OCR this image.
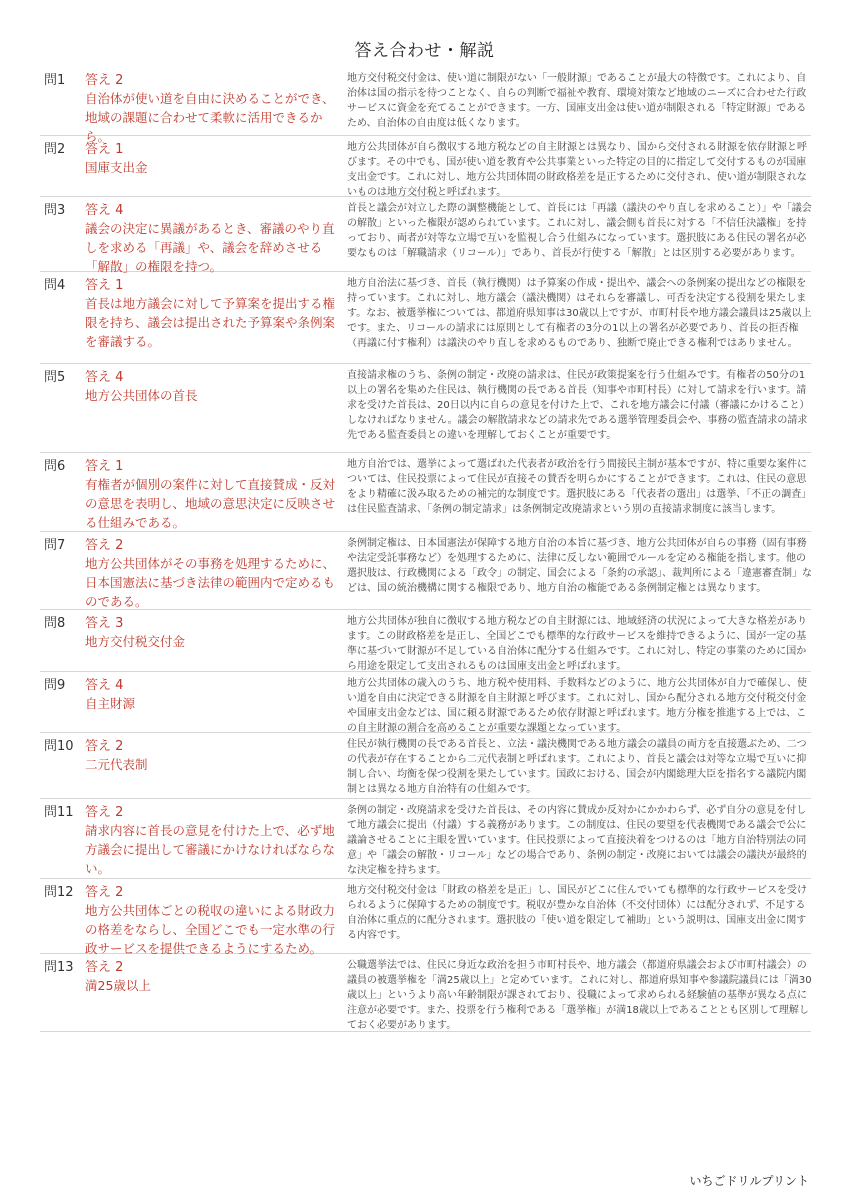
答え合わせ・解説
問1	答え 2
自治体が使い道を自由に決めることができ、地域の課題に合わせて柔軟に活用できるから。
地方交付税交付金は、使い道に制限がない「一般財源」であることが最大の特徴です。これにより、自治体は国の指示を待つことなく、自らの判断で福祉や教育、環境対策など地域のニーズに合わせた行政サービスに資金を充てることができます。一方、国庫支出金は使い道が制限される「特定財源」であるため、自治体の自由度は低くなります。
問2	答え 1
国庫支出金
地方公共団体が自ら徴収する地方税などの自主財源とは異なり、国から交付される財源を依存財源と呼びます。その中でも、国が使い道を教育や公共事業といった特定の目的に指定して交付するものが国庫支出金です。これに対し、地方公共団体間の財政格差を是正するために交付され、使い道が制限されないものは地方交付税と呼ばれます。
問3	答え 4
議会の決定に異議があるとき、審議のやり直しを求める「再議」や、議会を辞めさせる「解散」の権限を持つ。
首長と議会が対立した際の調整機能として、首長には「再議（議決のやり直しを求めること）」や「議会の解散」といった権限が認められています。これに対し、議会側も首長に対する「不信任決議権」を持っており、両者が対等な立場で互いを監視し合う仕組みになっています。選択肢にある住民の署名が必要なものは「解職請求（リコール）」であり、首長が行使する「解散」とは区別する必要があります。
問4	答え 1
首長は地方議会に対して予算案を提出する権限を持ち、議会は提出された予算案や条例案を審議する。
地方自治法に基づき、首長（執行機関）は予算案の作成・提出や、議会への条例案の提出などの権限を持っています。これに対し、地方議会（議決機関）はそれらを審議し、可否を決定する役割を果たします。なお、被選挙権については、都道府県知事は30歳以上ですが、市町村長や地方議会議員は25歳以上です。また、リコールの請求には原則として有権者の3分の1以上の署名が必要であり、首長の拒否権（再議に付す権利）は議決のやり直しを求めるものであり、独断で廃止できる権利ではありません。
問5	答え 4
地方公共団体の首長
直接請求権のうち、条例の制定・改廃の請求は、住民が政策提案を行う仕組みです。有権者の50分の1以上の署名を集めた住民は、執行機関の長である首長（知事や市町村長）に対して請求を行います。請求を受けた首長は、20日以内に自らの意見を付けた上で、これを地方議会に付議（審議にかけること）しなければなりません。議会の解散請求などの請求先である選挙管理委員会や、事務の監査請求の請求先である監査委員との違いを理解しておくことが重要です。
問6	答え 1
有権者が個別の案件に対して直接賛成・反対の意思を表明し、地域の意思決定に反映させる仕組みである。
地方自治では、選挙によって選ばれた代表者が政治を行う間接民主制が基本ですが、特に重要な案件については、住民投票によって住民が直接その賛否を明らかにすることができます。これは、住民の意思をより精確に汲み取るための補完的な制度です。選択肢にある「代表者の選出」は選挙、「不正の調査」は住民監査請求、「条例の制定請求」は条例制定改廃請求という別の直接請求制度に該当します。
問7	答え 2
地方公共団体がその事務を処理するために、日本国憲法に基づき法律の範囲内で定めるものである。
条例制定権は、日本国憲法が保障する地方自治の本旨に基づき、地方公共団体が自らの事務（固有事務や法定受託事務など）を処理するために、法律に反しない範囲でルールを定める権能を指します。他の選択肢は、行政機関による「政令」の制定、国会による「条約の承認」、裁判所による「違憲審査制」などは、国の統治機構に関する権限であり、地方自治の権能である条例制定権とは異なります。
問8	答え 3
地方交付税交付金
地方公共団体が独自に徴収する地方税などの自主財源には、地域経済の状況によって大きな格差があります。この財政格差を是正し、全国どこでも標準的な行政サービスを維持できるように、国が一定の基準に基づいて財源が不足している自治体に配分する仕組みです。これに対し、特定の事業のために国から用途を限定して支出されるものは国庫支出金と呼ばれます。
問9	答え 4
自主財源
地方公共団体の歳入のうち、地方税や使用料、手数料などのように、地方公共団体が自力で確保し、使い道を自由に決定できる財源を自主財源と呼びます。これに対し、国から配分される地方交付税交付金や国庫支出金などは、国に頼る財源であるため依存財源と呼ばれます。地方分権を推進する上では、この自主財源の割合を高めることが重要な課題となっています。
問10 答え 2
二元代表制
住民が執行機関の長である首長と、立法・議決機関である地方議会の議員の両方を直接選ぶため、二つの代表が存在することから二元代表制と呼ばれます。これにより、首長と議会は対等な立場で互いに抑制し合い、均衡を保つ役割を果たしています。国政における、国会が内閣総理大臣を指名する議院内閣制とは異なる地方自治特有の仕組みです。
問11 答え 2
請求内容に首長の意見を付けた上で、必ず地方議会に提出して審議にかけなければならない。
条例の制定・改廃請求を受けた首長は、その内容に賛成か反対かにかかわらず、必ず自分の意見を付して地方議会に提出（付議）する義務があります。この制度は、住民の要望を代表機関である議会で公に議論させることに主眼を置いています。住民投票によって直接決着をつけるのは「地方自治特別法の同意」や「議会の解散・リコール」などの場合であり、条例の制定・改廃においては議会の議決が最終的な決定権を持ちます。
問12 答え 2
地方公共団体ごとの税収の違いによる財政力の格差をならし、全国どこでも一定水準の行政サービスを提供できるようにするため。
地方交付税交付金は「財政の格差を是正」し、国民がどこに住んでいても標準的な行政サービスを受けられるように保障するための制度です。税収が豊かな自治体（不交付団体）には配分されず、不足する自治体に重点的に配分されます。選択肢の「使い道を限定して補助」という説明は、国庫支出金に関する内容です。
問13 答え 2
満25歳以上
公職選挙法では、住民に身近な政治を担う市町村長や、地方議会（都道府県議会および市町村議会）の議員の被選挙権を「満25歳以上」と定めています。これに対し、都道府県知事や参議院議員には「満30歳以上」というより高い年齢制限が課されており、役職によって求められる経験値の基準が異なる点に注意が必要です。また、投票を行う権利である「選挙権」が満18歳以上であることとも区別して理解しておく必要があります。
いちごドリルプリント
